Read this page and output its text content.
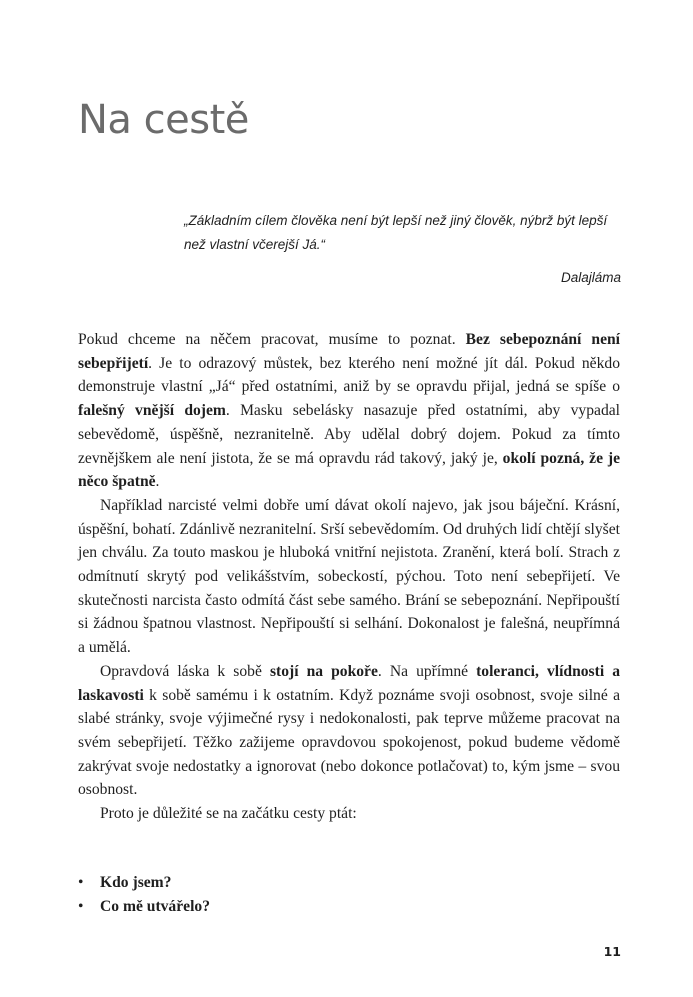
Na cestě
„Základním cílem člověka není být lepší než jiný člověk, nýbrž být lepší než vlastní včerejší Já.“
Dalajláma

Pokud chceme na něčem pracovat, musíme to poznat. Bez sebepoznání není sebepřijetí. Je to odrazový můstek, bez kterého není možné jít dál. Pokud někdo demonstruje vlastní „Já“ před ostatními, aniž by se opravdu přijal, jedná se spíše o falešný vnější dojem. Masku sebelásky nasazuje před ostatními, aby vypadal sebevědomě, úspěšně, nezranitelně. Aby udělal dobrý dojem. Pokud za tímto zevnějškem ale není jistota, že se má opravdu rád takový, jaký je, okolí pozná, že je něco špatně.

Například narcisté velmi dobře umí dávat okolí najevo, jak jsou báječní. Krásní, úspěšní, bohatí. Zdánlivě nezranitelní. Srší sebevědomím. Od druhých lidí chtějí slyšet jen chválu. Za touto maskou je hluboká vnitřní nejistota. Zranění, která bolí. Strach z odmítnutí skrytý pod velikášstvím, sobeckostí, pýchou. Toto není sebepřijetí. Ve skutečnosti narcista často odmítá část sebe samého. Brání se sebepoznání. Nepřipouští si žádnou špatnou vlastnost. Nepřipouští si selhání. Dokonalost je falešná, neupřímná a umělá.

Opravdová láska k sobě stojí na pokoře. Na upřímné toleranci, vlídnosti a laskavosti k sobě samému i k ostatním. Když poznáme svoji osobnost, svoje silné a slabé stránky, svoje výjimečné rysy i nedokonalosti, pak teprve můžeme pracovat na svém sebepřijetí. Těžko zažijeme opravdovou spokojenost, pokud budeme vědomě zakrývat svoje nedostatky a ignorovat (nebo dokonce potlačovat) to, kým jsme – svou osobnost.

Proto je důležité se na začátku cesty ptát:

• Kdo jsem?
• Co mě utvářelo?
11
